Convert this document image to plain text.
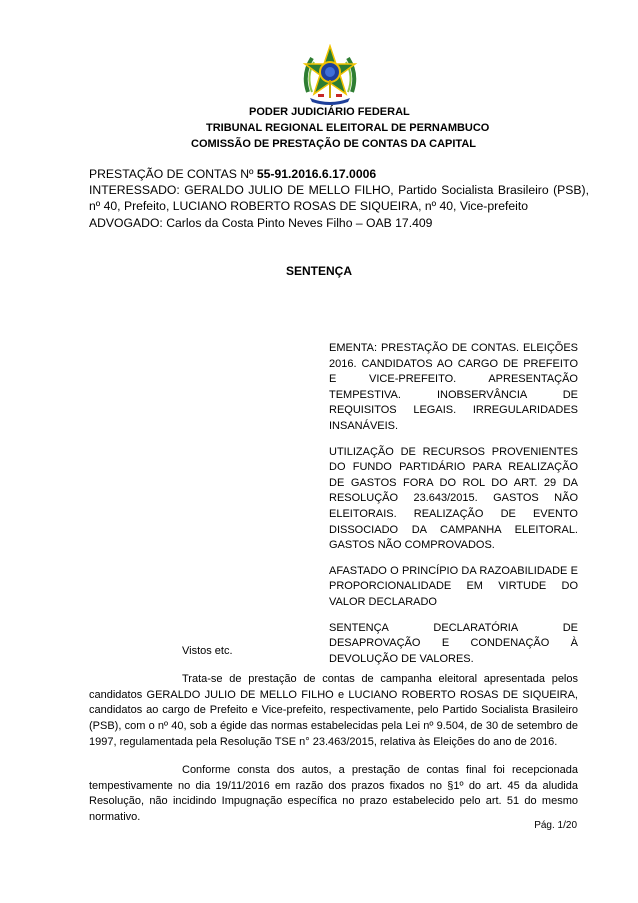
PODER JUDICIÁRIO FEDERAL
TRIBUNAL REGIONAL ELEITORAL DE PERNAMBUCO
COMISSÃO DE PRESTAÇÃO DE CONTAS DA CAPITAL

PRESTAÇÃO DE CONTAS Nº 55-91.2016.6.17.0006

INTERESSADO: GERALDO JULIO DE MELLO FILHO, Partido Socialista Brasileiro (PSB), nº 40, Prefeito, LUCIANO ROBERTO ROSAS DE SIQUEIRA, nº 40, Vice-prefeito

ADVOGADO: Carlos da Costa Pinto Neves Filho – OAB 17.409

SENTENÇA

EMENTA: PRESTAÇÃO DE CONTAS. ELEIÇÕES 2016. CANDIDATOS AO CARGO DE PREFEITO E VICE-PREFEITO. APRESENTAÇÃO TEMPESTIVA. INOBSERVÂNCIA DE REQUISITOS LEGAIS. IRREGULARIDADES INSANÁVEIS.

UTILIZAÇÃO DE RECURSOS PROVENIENTES DO FUNDO PARTIDÁRIO PARA REALIZAÇÃO DE GASTOS FORA DO ROL DO ART. 29 DA RESOLUÇÃO 23.643/2015. GASTOS NÃO ELEITORAIS. REALIZAÇÃO DE EVENTO DISSOCIADO DA CAMPANHA ELEITORAL. GASTOS NÃO COMPROVADOS.

AFASTADO O PRINCÍPIO DA RAZOABILIDADE E PROPORCIONALIDADE EM VIRTUDE DO VALOR DECLARADO

SENTENÇA DECLARATÓRIA DE DESAPROVAÇÃO E CONDENAÇÃO À DEVOLUÇÃO DE VALORES.

Vistos etc.

Trata-se de prestação de contas de campanha eleitoral apresentada pelos candidatos GERALDO JULIO DE MELLO FILHO e LUCIANO ROBERTO ROSAS DE SIQUEIRA, candidatos ao cargo de Prefeito e Vice-prefeito, respectivamente, pelo Partido Socialista Brasileiro (PSB), com o nº 40, sob a égide das normas estabelecidas pela Lei nº 9.504, de 30 de setembro de 1997, regulamentada pela Resolução TSE n° 23.463/2015, relativa às Eleições do ano de 2016.

Conforme consta dos autos, a prestação de contas final foi recepcionada tempestivamente no dia 19/11/2016 em razão dos prazos fixados no §1º do art. 45 da aludida Resolução, não incidindo Impugnação específica no prazo estabelecido pelo art. 51 do mesmo normativo.

Pág. 1/20
